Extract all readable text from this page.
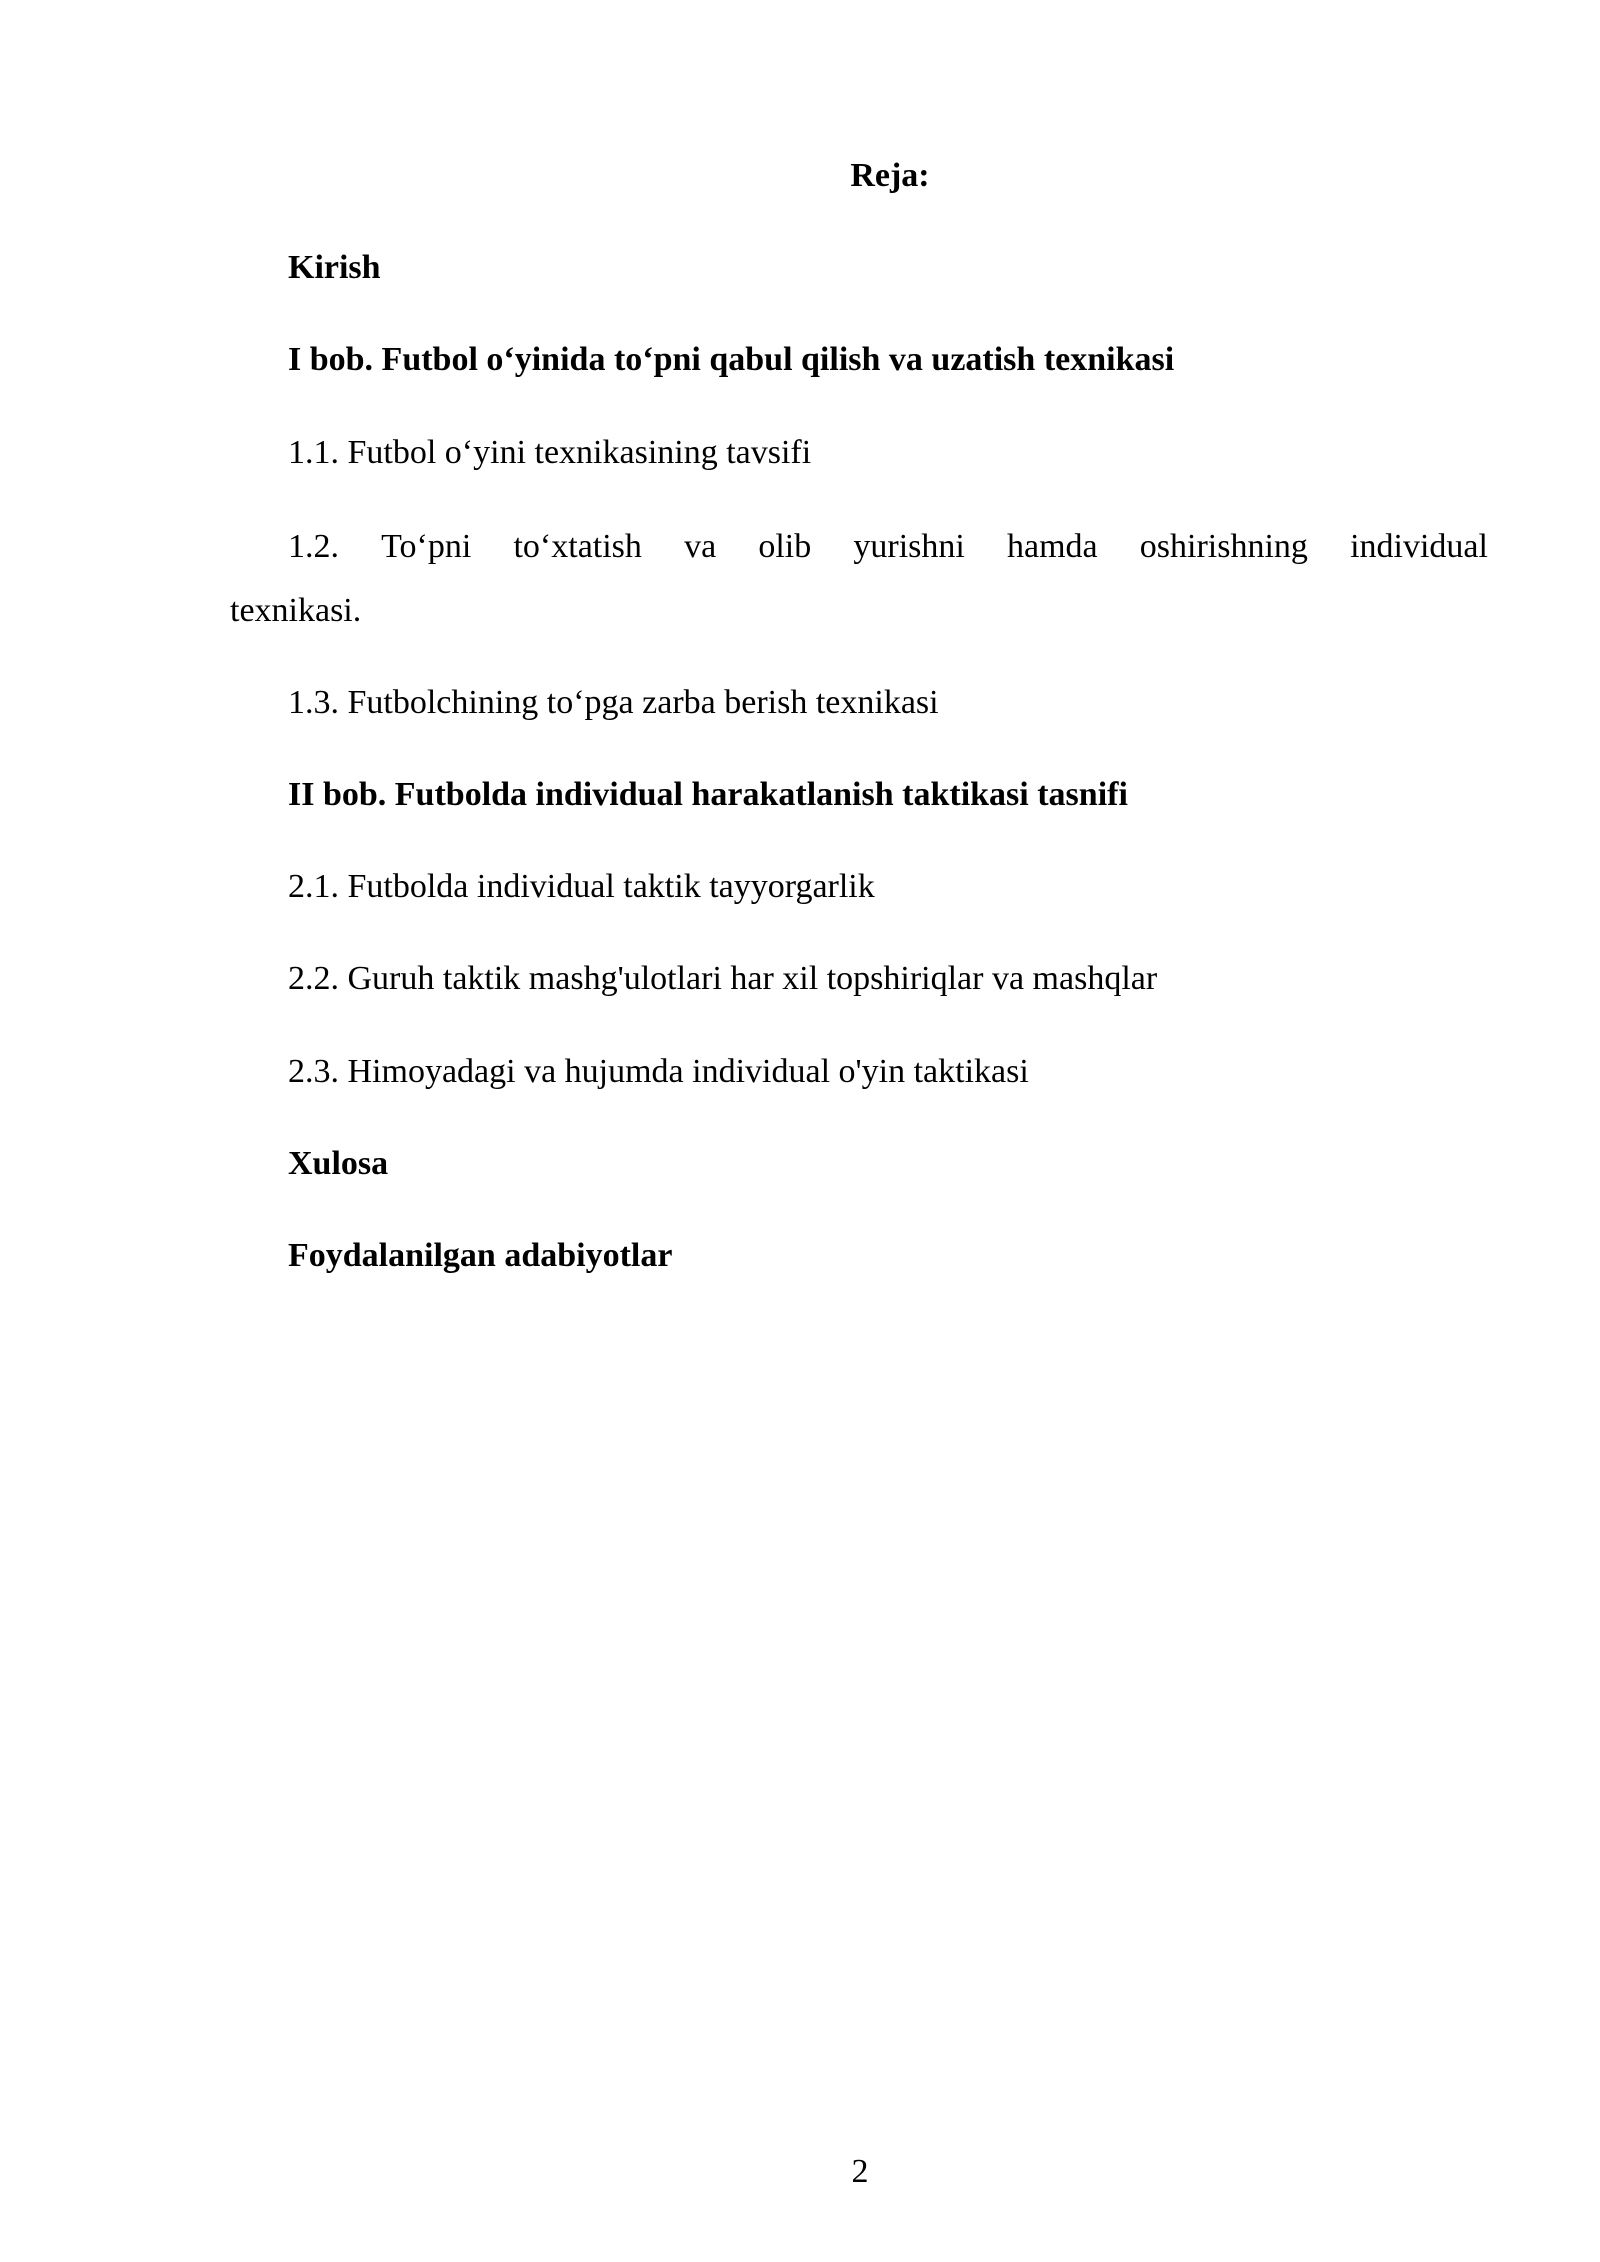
Reja:
Kirish
I bob. Futbol o‘yinida to‘pni qabul qilish va uzatish texnikasi
1.1. Futbol o‘yini texnikasining tavsifi
1.2. To‘pni to‘xtatish va olib yurishni hamda oshirishning individual
texnikasi.
1.3. Futbolchining to‘pga zarba berish texnikasi
II bob. Futbolda individual harakatlanish taktikasi tasnifi
2.1. Futbolda individual taktik tayyorgarlik
2.2. Guruh taktik mashg'ulotlari har xil topshiriqlar va mashqlar
2.3. Himoyadagi va hujumda individual o'yin taktikasi
Xulosa
Foydalanilgan adabiyotlar
2
